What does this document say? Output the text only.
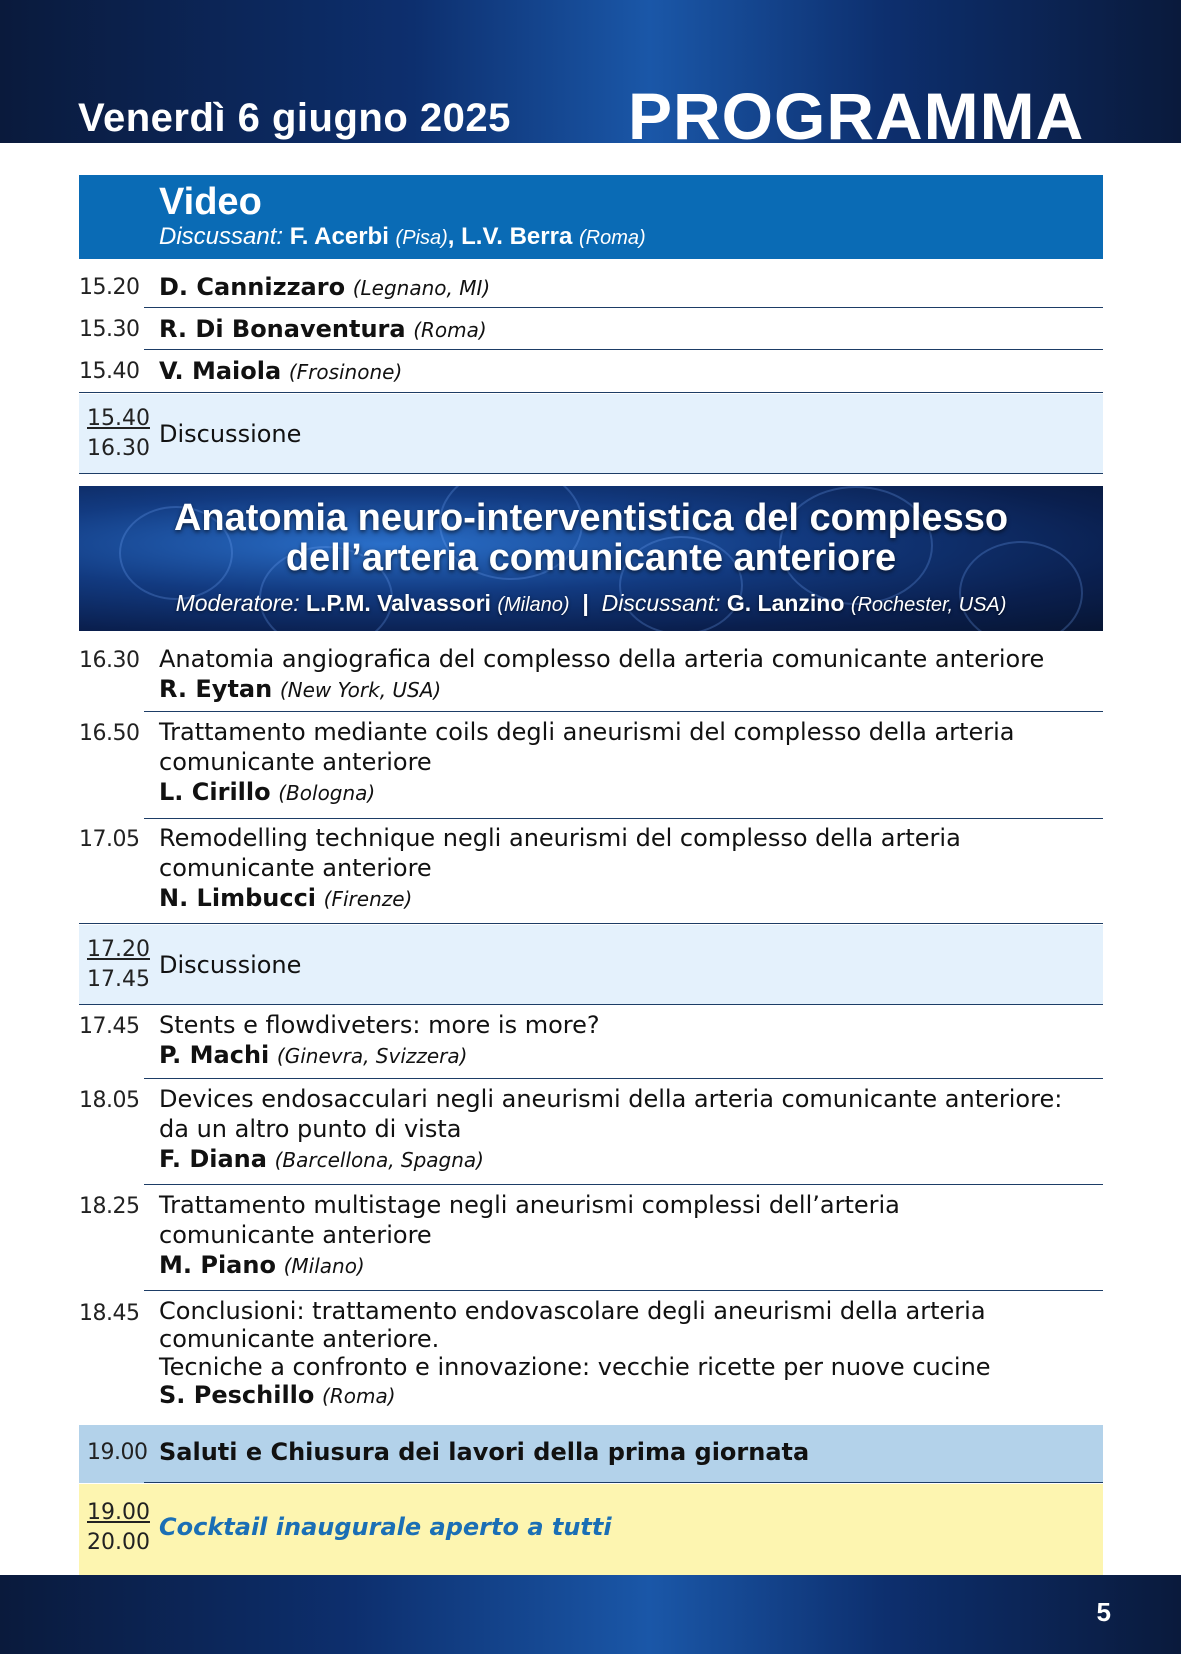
Venerdì 6 giugno 2025 PROGRAMMA
Video
Discussant: F. Acerbi (Pisa), L.V. Berra (Roma)
15.20 D. Cannizzaro (Legnano, MI)
15.30 R. Di Bonaventura (Roma)
15.40 V. Maiola (Frosinone)
15.40
16.30
Discussione
Anatomia neuro-interventistica del complesso
dell’arteria comunicante anteriore
Moderatore: L.P.M. Valvassori (Milano) | Discussant: G. Lanzino (Rochester, USA)
16.30 Anatomia angiografica del complesso della arteria comunicante anteriore
R. Eytan (New York, USA)
16.50 Trattamento mediante coils degli aneurismi del complesso della arteria
comunicante anteriore
L. Cirillo (Bologna)
17.05 Remodelling technique negli aneurismi del complesso della arteria
comunicante anteriore
N. Limbucci (Firenze)
17.20
17.45
Discussione
17.45 Stents e flowdiveters: more is more?
P. Machi (Ginevra, Svizzera)
18.05 Devices endosacculari negli aneurismi della arteria comunicante anteriore:
da un altro punto di vista
F. Diana (Barcellona, Spagna)
18.25 Trattamento multistage negli aneurismi complessi dell’arteria
comunicante anteriore
M. Piano (Milano)
18.45 Conclusioni: trattamento endovascolare degli aneurismi della arteria
comunicante anteriore.
Tecniche a confronto e innovazione: vecchie ricette per nuove cucine
S. Peschillo (Roma)
19.00 Saluti e Chiusura dei lavori della prima giornata
19.00
20.00
Cocktail inaugurale aperto a tutti
5
